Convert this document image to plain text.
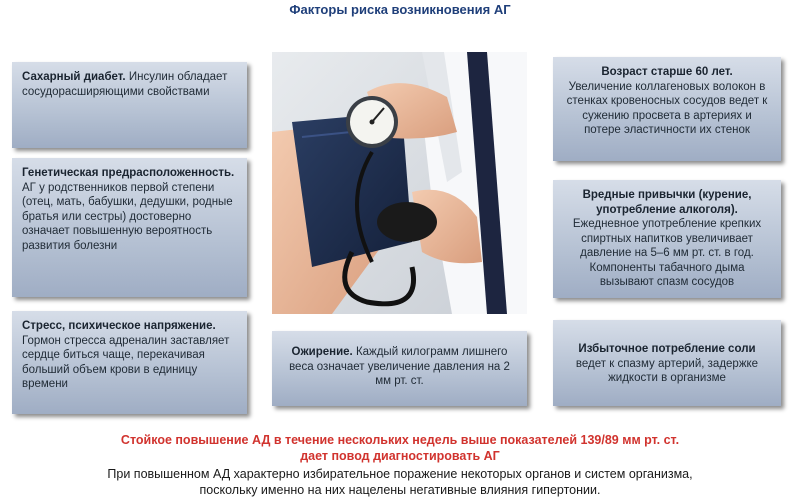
Факторы риска возникновения АГ
Сахарный диабет. Инсулин обладает сосудорасширяющими свойствами
Генетическая предрасположенность.
АГ у родственников первой степени (отец, мать, бабушки, дедушки, родные братья или сестры) достоверно означает повышенную вероятность развития болезни
Стресс, психическое напряжение.
Гормон стресса адреналин заставляет сердце биться чаще, перекачивая больший объем крови в единицу времени
Ожирение. Каждый килограмм лишнего веса означает увеличение давления на 2 мм рт. ст.
Возраст старше 60 лет.
Увеличение коллагеновых волокон в стенках кровеносных сосудов ведет к сужению просвета в артериях и потере эластичности их стенок
Вредные привычки (курение, употребление алкоголя).
Ежедневное употребление крепких спиртных напитков увеличивает давление на 5–6 мм рт. ст. в год. Компоненты табачного дыма вызывают спазм сосудов
Избыточное потребление соли
ведет к спазму артерий, задержке жидкости в организме
Стойкое повышение АД в течение нескольких недель выше показателей 139/89 мм рт. ст.
дает повод диагностировать АГ
При повышенном АД характерно избирательное поражение некоторых органов и систем организма,
поскольку именно на них нацелены негативные влияния гипертонии.
